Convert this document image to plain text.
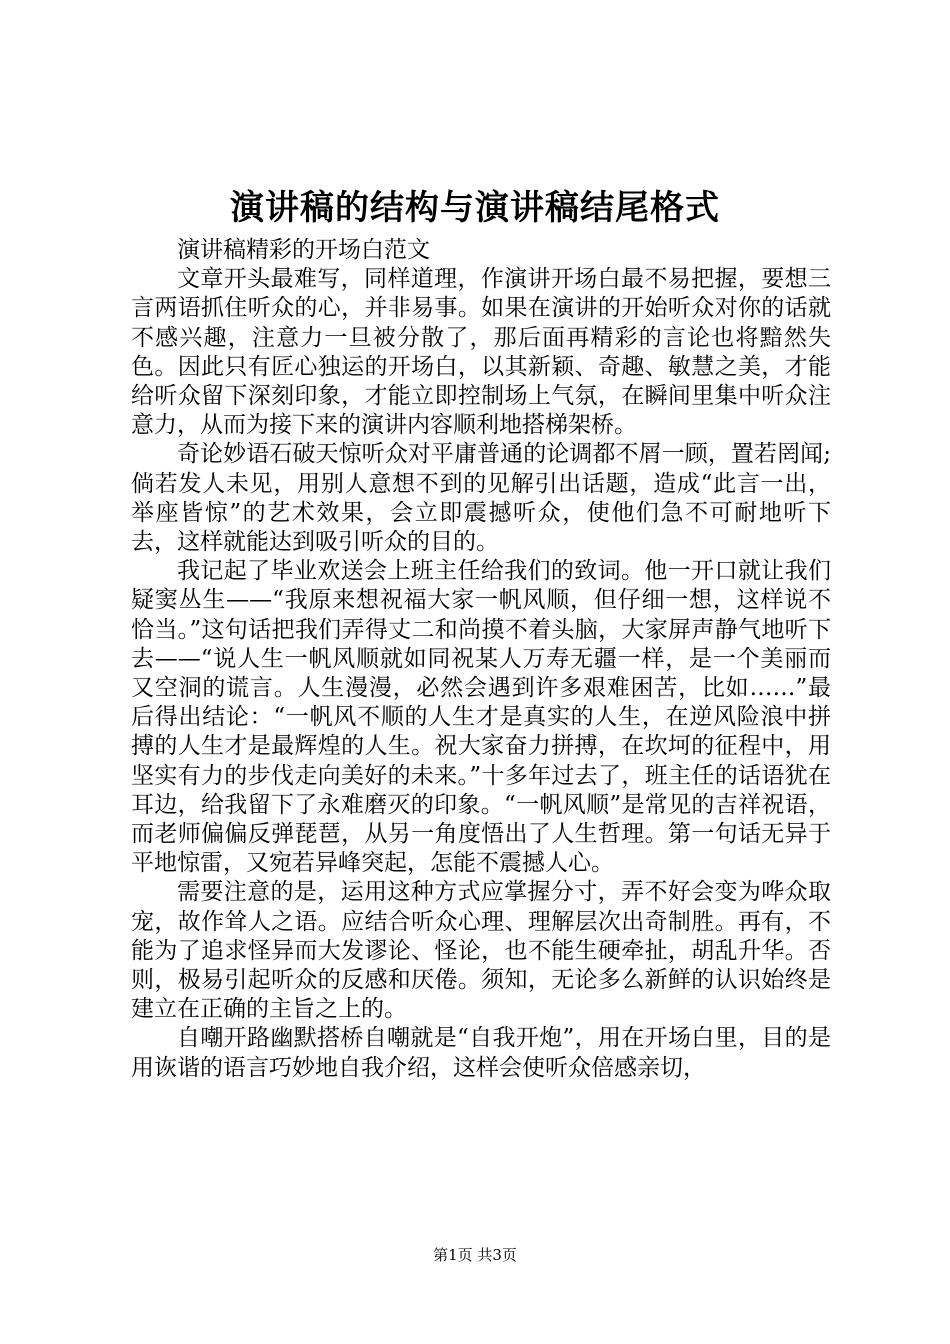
演讲稿的结构与演讲稿结尾格式

演讲稿精彩的开场白范文

文章开头最难写，同样道理，作演讲开场白最不易把握，要想三言两语抓住听众的心，并非易事。如果在演讲的开始听众对你的话就不感兴趣，注意力一旦被分散了，那后面再精彩的言论也将黯然失色。因此只有匠心独运的开场白，以其新颖、奇趣、敏慧之美，才能给听众留下深刻印象，才能立即控制场上气氛，在瞬间里集中听众注意力，从而为接下来的演讲内容顺利地搭梯架桥。

奇论妙语石破天惊听众对平庸普通的论调都不屑一顾，置若罔闻;倘若发人未见，用别人意想不到的见解引出话题，造成“此言一出，举座皆惊”的艺术效果，会立即震撼听众，使他们急不可耐地听下去，这样就能达到吸引听众的目的。

我记起了毕业欢送会上班主任给我们的致词。他一开口就让我们疑窦丛生——“我原来想祝福大家一帆风顺，但仔细一想，这样说不恰当。”这句话把我们弄得丈二和尚摸不着头脑，大家屏声静气地听下去——“说人生一帆风顺就如同祝某人万寿无疆一样，是一个美丽而又空洞的谎言。人生漫漫，必然会遇到许多艰难困苦，比如……”最后得出结论：“一帆风不顺的人生才是真实的人生，在逆风险浪中拼搏的人生才是最辉煌的人生。祝大家奋力拼搏，在坎坷的征程中，用坚实有力的步伐走向美好的未来。”十多年过去了，班主任的话语犹在耳边，给我留下了永难磨灭的印象。“一帆风顺”是常见的吉祥祝语，而老师偏偏反弹琵琶，从另一角度悟出了人生哲理。第一句话无异于平地惊雷，又宛若异峰突起，怎能不震撼人心。

需要注意的是，运用这种方式应掌握分寸，弄不好会变为哗众取宠，故作耸人之语。应结合听众心理、理解层次出奇制胜。再有，不能为了追求怪异而大发谬论、怪论，也不能生硬牵扯，胡乱升华。否则，极易引起听众的反感和厌倦。须知，无论多么新鲜的认识始终是建立在正确的主旨之上的。

自嘲开路幽默搭桥自嘲就是“自我开炮”，用在开场白里，目的是用诙谐的语言巧妙地自我介绍，这样会使听众倍感亲切，

第1页 共3页
